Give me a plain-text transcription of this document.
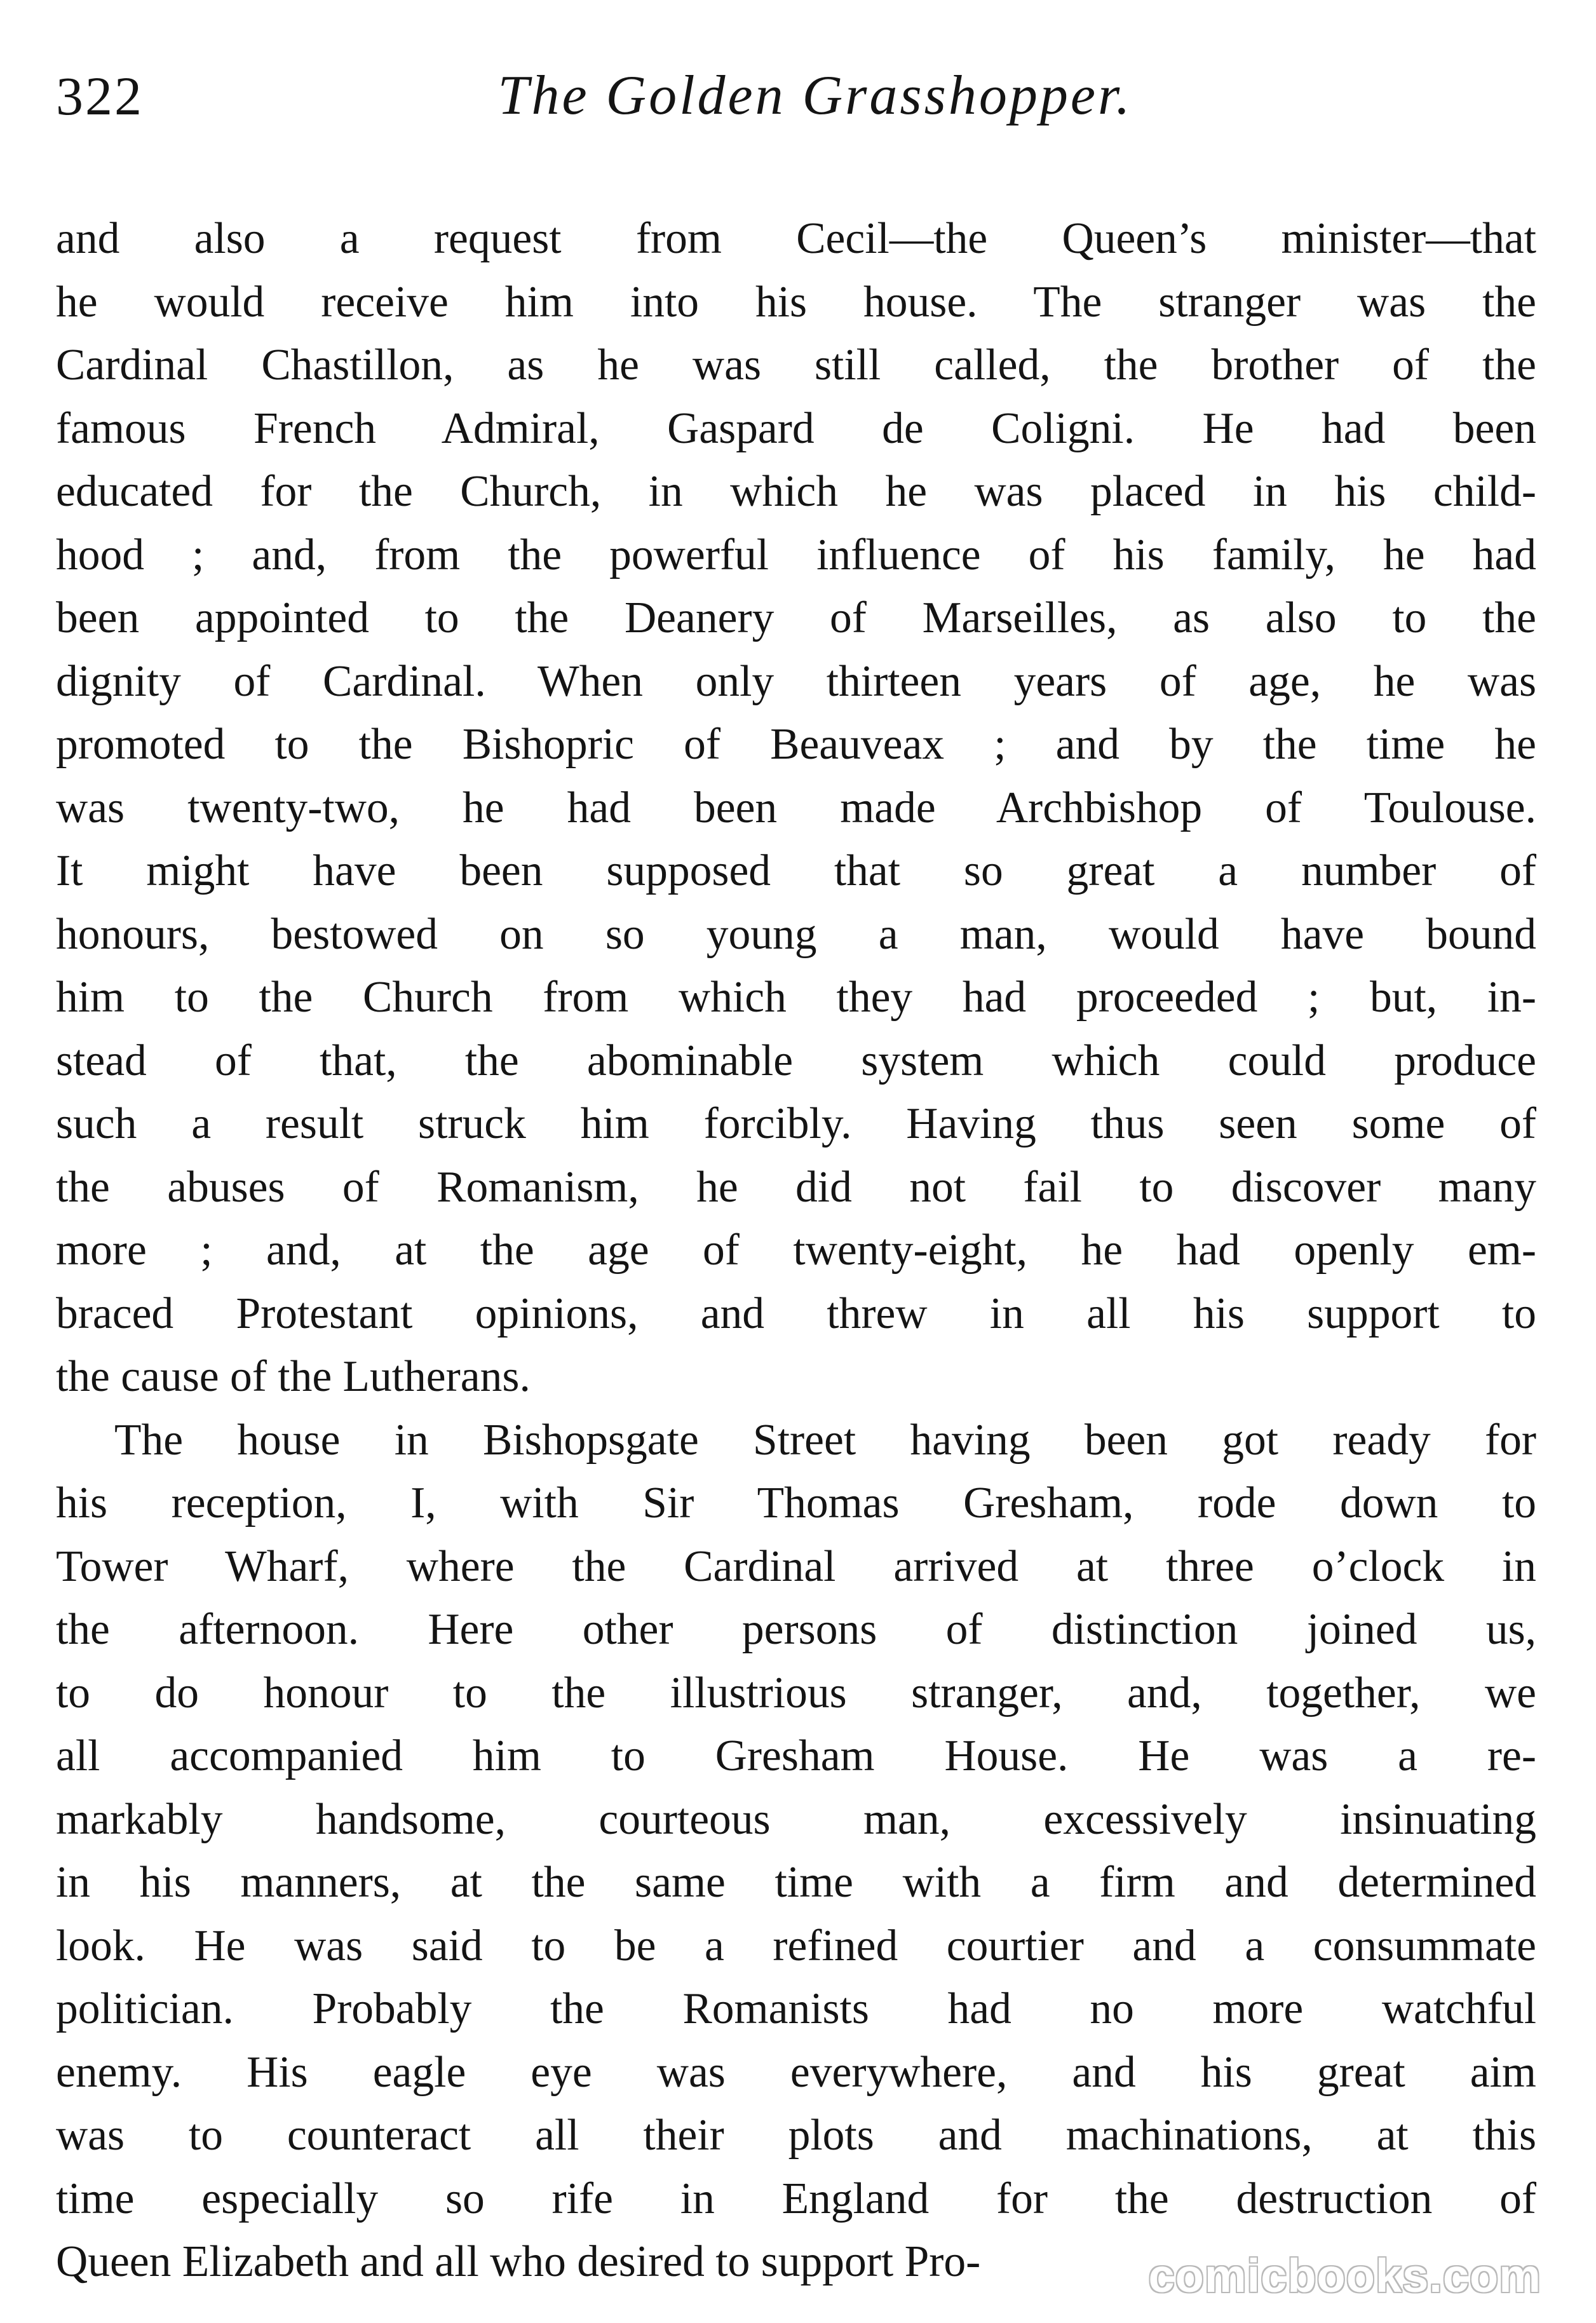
322	The Golden Grasshopper.

and also a request from Cecil—the Queen’s minister—that
he would receive him into his house. The stranger was the
Cardinal Chastillon, as he was still called, the brother of the
famous French Admiral, Gaspard de Coligni. He had been
educated for the Church, in which he was placed in his child-
hood ; and, from the powerful influence of his family, he had
been appointed to the Deanery of Marseilles, as also to the
dignity of Cardinal. When only thirteen years of age, he was
promoted to the Bishopric of Beauveax ; and by the time he
was twenty-two, he had been made Archbishop of Toulouse.
It might have been supposed that so great a number of
honours, bestowed on so young a man, would have bound
him to the Church from which they had proceeded ; but, in-
stead of that, the abominable system which could produce
such a result struck him forcibly. Having thus seen some of
the abuses of Romanism, he did not fail to discover many
more ; and, at the age of twenty-eight, he had openly em-
braced Protestant opinions, and threw in all his support to
the cause of the Lutherans.

The house in Bishopsgate Street having been got ready for
his reception, I, with Sir Thomas Gresham, rode down to
Tower Wharf, where the Cardinal arrived at three o’clock in
the afternoon. Here other persons of distinction joined us,
to do honour to the illustrious stranger, and, together, we
all accompanied him to Gresham House. He was a re-
markably handsome, courteous man, excessively insinuating
in his manners, at the same time with a firm and determined
look. He was said to be a refined courtier and a consummate
politician. Probably the Romanists had no more watchful
enemy. His eagle eye was everywhere, and his great aim
was to counteract all their plots and machinations, at this
time especially so rife in England for the destruction of
Queen Elizabeth and all who desired to support Pro-	comicbooks.com
